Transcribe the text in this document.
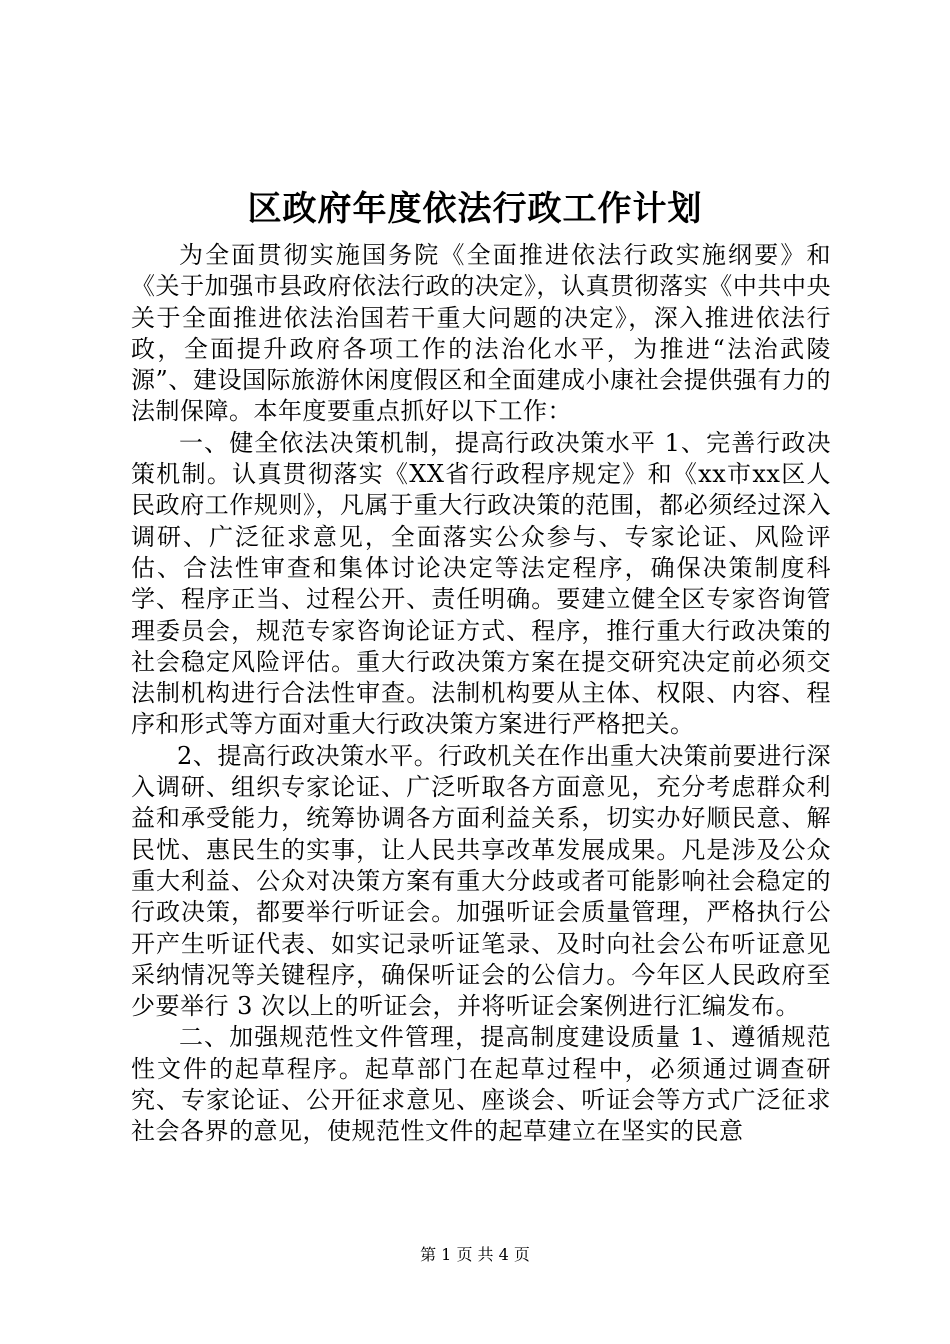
区政府年度依法行政工作计划

为全面贯彻实施国务院《全面推进依法行政实施纲要》和《关于加强市县政府依法行政的决定》，认真贯彻落实《中共中央关于全面推进依法治国若干重大问题的决定》，深入推进依法行政，全面提升政府各项工作的法治化水平，为推进“法治武陵源”、建设国际旅游休闲度假区和全面建成小康社会提供强有力的法制保障。本年度要重点抓好以下工作：

一、健全依法决策机制，提高行政决策水平 1、完善行政决策机制。认真贯彻落实《XX省行政程序规定》和《xx市xx区人民政府工作规则》，凡属于重大行政决策的范围，都必须经过深入调研、广泛征求意见，全面落实公众参与、专家论证、风险评估、合法性审查和集体讨论决定等法定程序，确保决策制度科学、程序正当、过程公开、责任明确。要建立健全区专家咨询管理委员会，规范专家咨询论证方式、程序，推行重大行政决策的社会稳定风险评估。重大行政决策方案在提交研究决定前必须交法制机构进行合法性审查。法制机构要从主体、权限、内容、程序和形式等方面对重大行政决策方案进行严格把关。

2、提高行政决策水平。行政机关在作出重大决策前要进行深入调研、组织专家论证、广泛听取各方面意见，充分考虑群众利益和承受能力，统筹协调各方面利益关系，切实办好顺民意、解民忧、惠民生的实事，让人民共享改革发展成果。凡是涉及公众重大利益、公众对决策方案有重大分歧或者可能影响社会稳定的行政决策，都要举行听证会。加强听证会质量管理，严格执行公开产生听证代表、如实记录听证笔录、及时向社会公布听证意见采纳情况等关键程序，确保听证会的公信力。今年区人民政府至少要举行 3 次以上的听证会，并将听证会案例进行汇编发布。

二、加强规范性文件管理，提高制度建设质量 1、遵循规范性文件的起草程序。起草部门在起草过程中，必须通过调查研究、专家论证、公开征求意见、座谈会、听证会等方式广泛征求社会各界的意见，使规范性文件的起草建立在坚实的民意

第 1 页 共 4 页
